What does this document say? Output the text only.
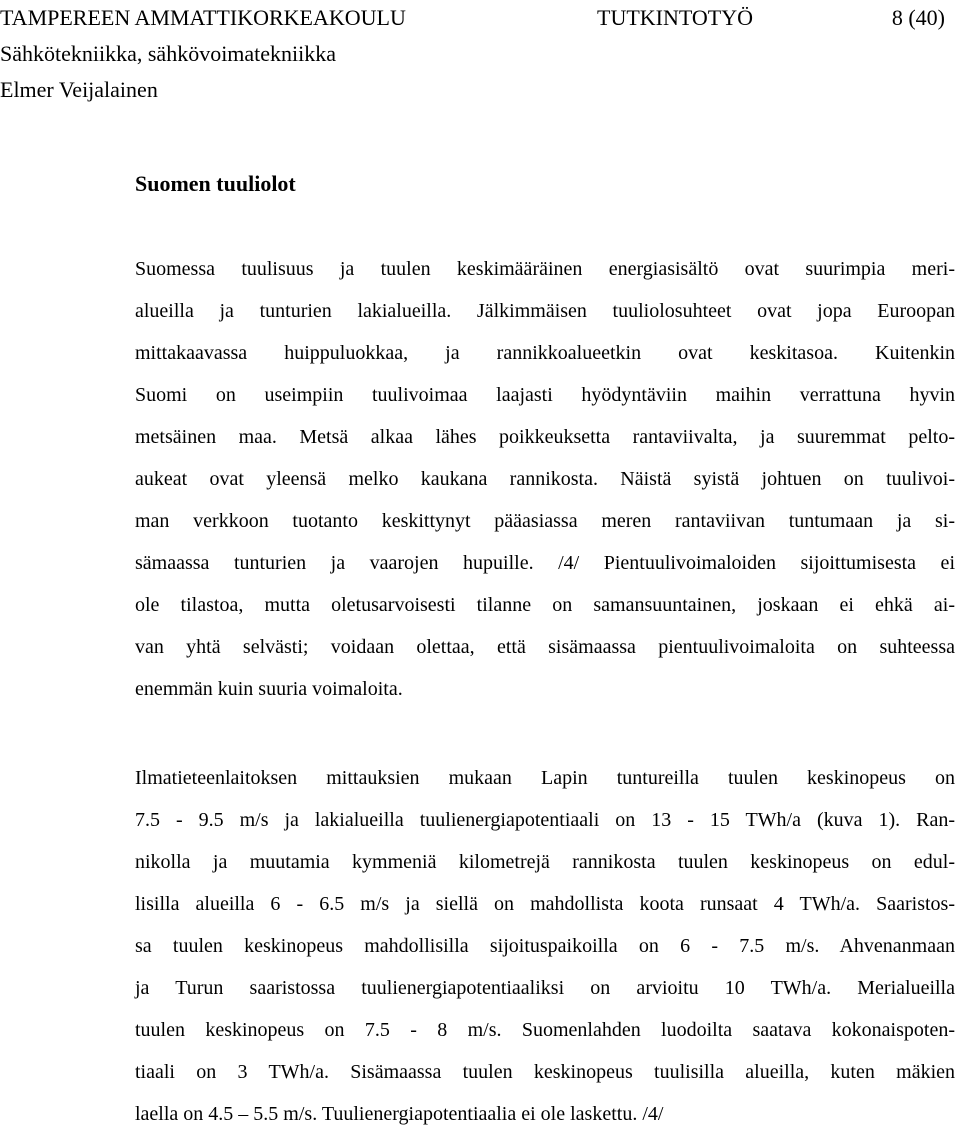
TAMPEREEN AMMATTIKORKEAKOULU	TUTKINTOTYÖ	8 (40)
Sähkötekniikka, sähkövoimatekniikka
Elmer Veijalainen
Suomen tuuliolot
Suomessa tuulisuus ja tuulen keskimääräinen energiasisältö ovat suurimpia meri-
alueilla ja tunturien lakialueilla. Jälkimmäisen tuuliolosuhteet ovat jopa Euroopan
mittakaavassa huippuluokkaa, ja rannikkoalueetkin ovat keskitasoa. Kuitenkin
Suomi on useimpiin tuulivoimaa laajasti hyödyntäviin maihin verrattuna hyvin
metsäinen maa. Metsä alkaa lähes poikkeuksetta rantaviivalta, ja suuremmat pelto-
aukeat ovat yleensä melko kaukana rannikosta. Näistä syistä johtuen on tuulivoi-
man verkkoon tuotanto keskittynyt pääasiassa meren rantaviivan tuntumaan ja si-
sämaassa tunturien ja vaarojen hupuille. /4/ Pientuulivoimaloiden sijoittumisesta ei
ole tilastoa, mutta oletusarvoisesti tilanne on samansuuntainen, joskaan ei ehkä ai-
van yhtä selvästi; voidaan olettaa, että sisämaassa pientuulivoimaloita on suhteessa
enemmän kuin suuria voimaloita.
Ilmatieteenlaitoksen mittauksien mukaan Lapin tuntureilla tuulen keskinopeus on
7.5 - 9.5 m/s ja lakialueilla tuulienergiapotentiaali on 13 - 15 TWh/a (kuva 1). Ran-
nikolla ja muutamia kymmeniä kilometrejä rannikosta tuulen keskinopeus on edul-
lisilla alueilla 6 - 6.5 m/s ja siellä on mahdollista koota runsaat 4 TWh/a. Saaristos-
sa tuulen keskinopeus mahdollisilla sijoituspaikoilla on 6 - 7.5 m/s. Ahvenanmaan
ja Turun saaristossa tuulienergiapotentiaaliksi on arvioitu 10 TWh/a. Merialueilla
tuulen keskinopeus on 7.5 - 8 m/s. Suomenlahden luodoilta saatava kokonaispoten-
tiaali on 3 TWh/a. Sisämaassa tuulen keskinopeus tuulisilla alueilla, kuten mäkien
laella on 4.5 – 5.5 m/s. Tuulienergiapotentiaalia ei ole laskettu. /4/
